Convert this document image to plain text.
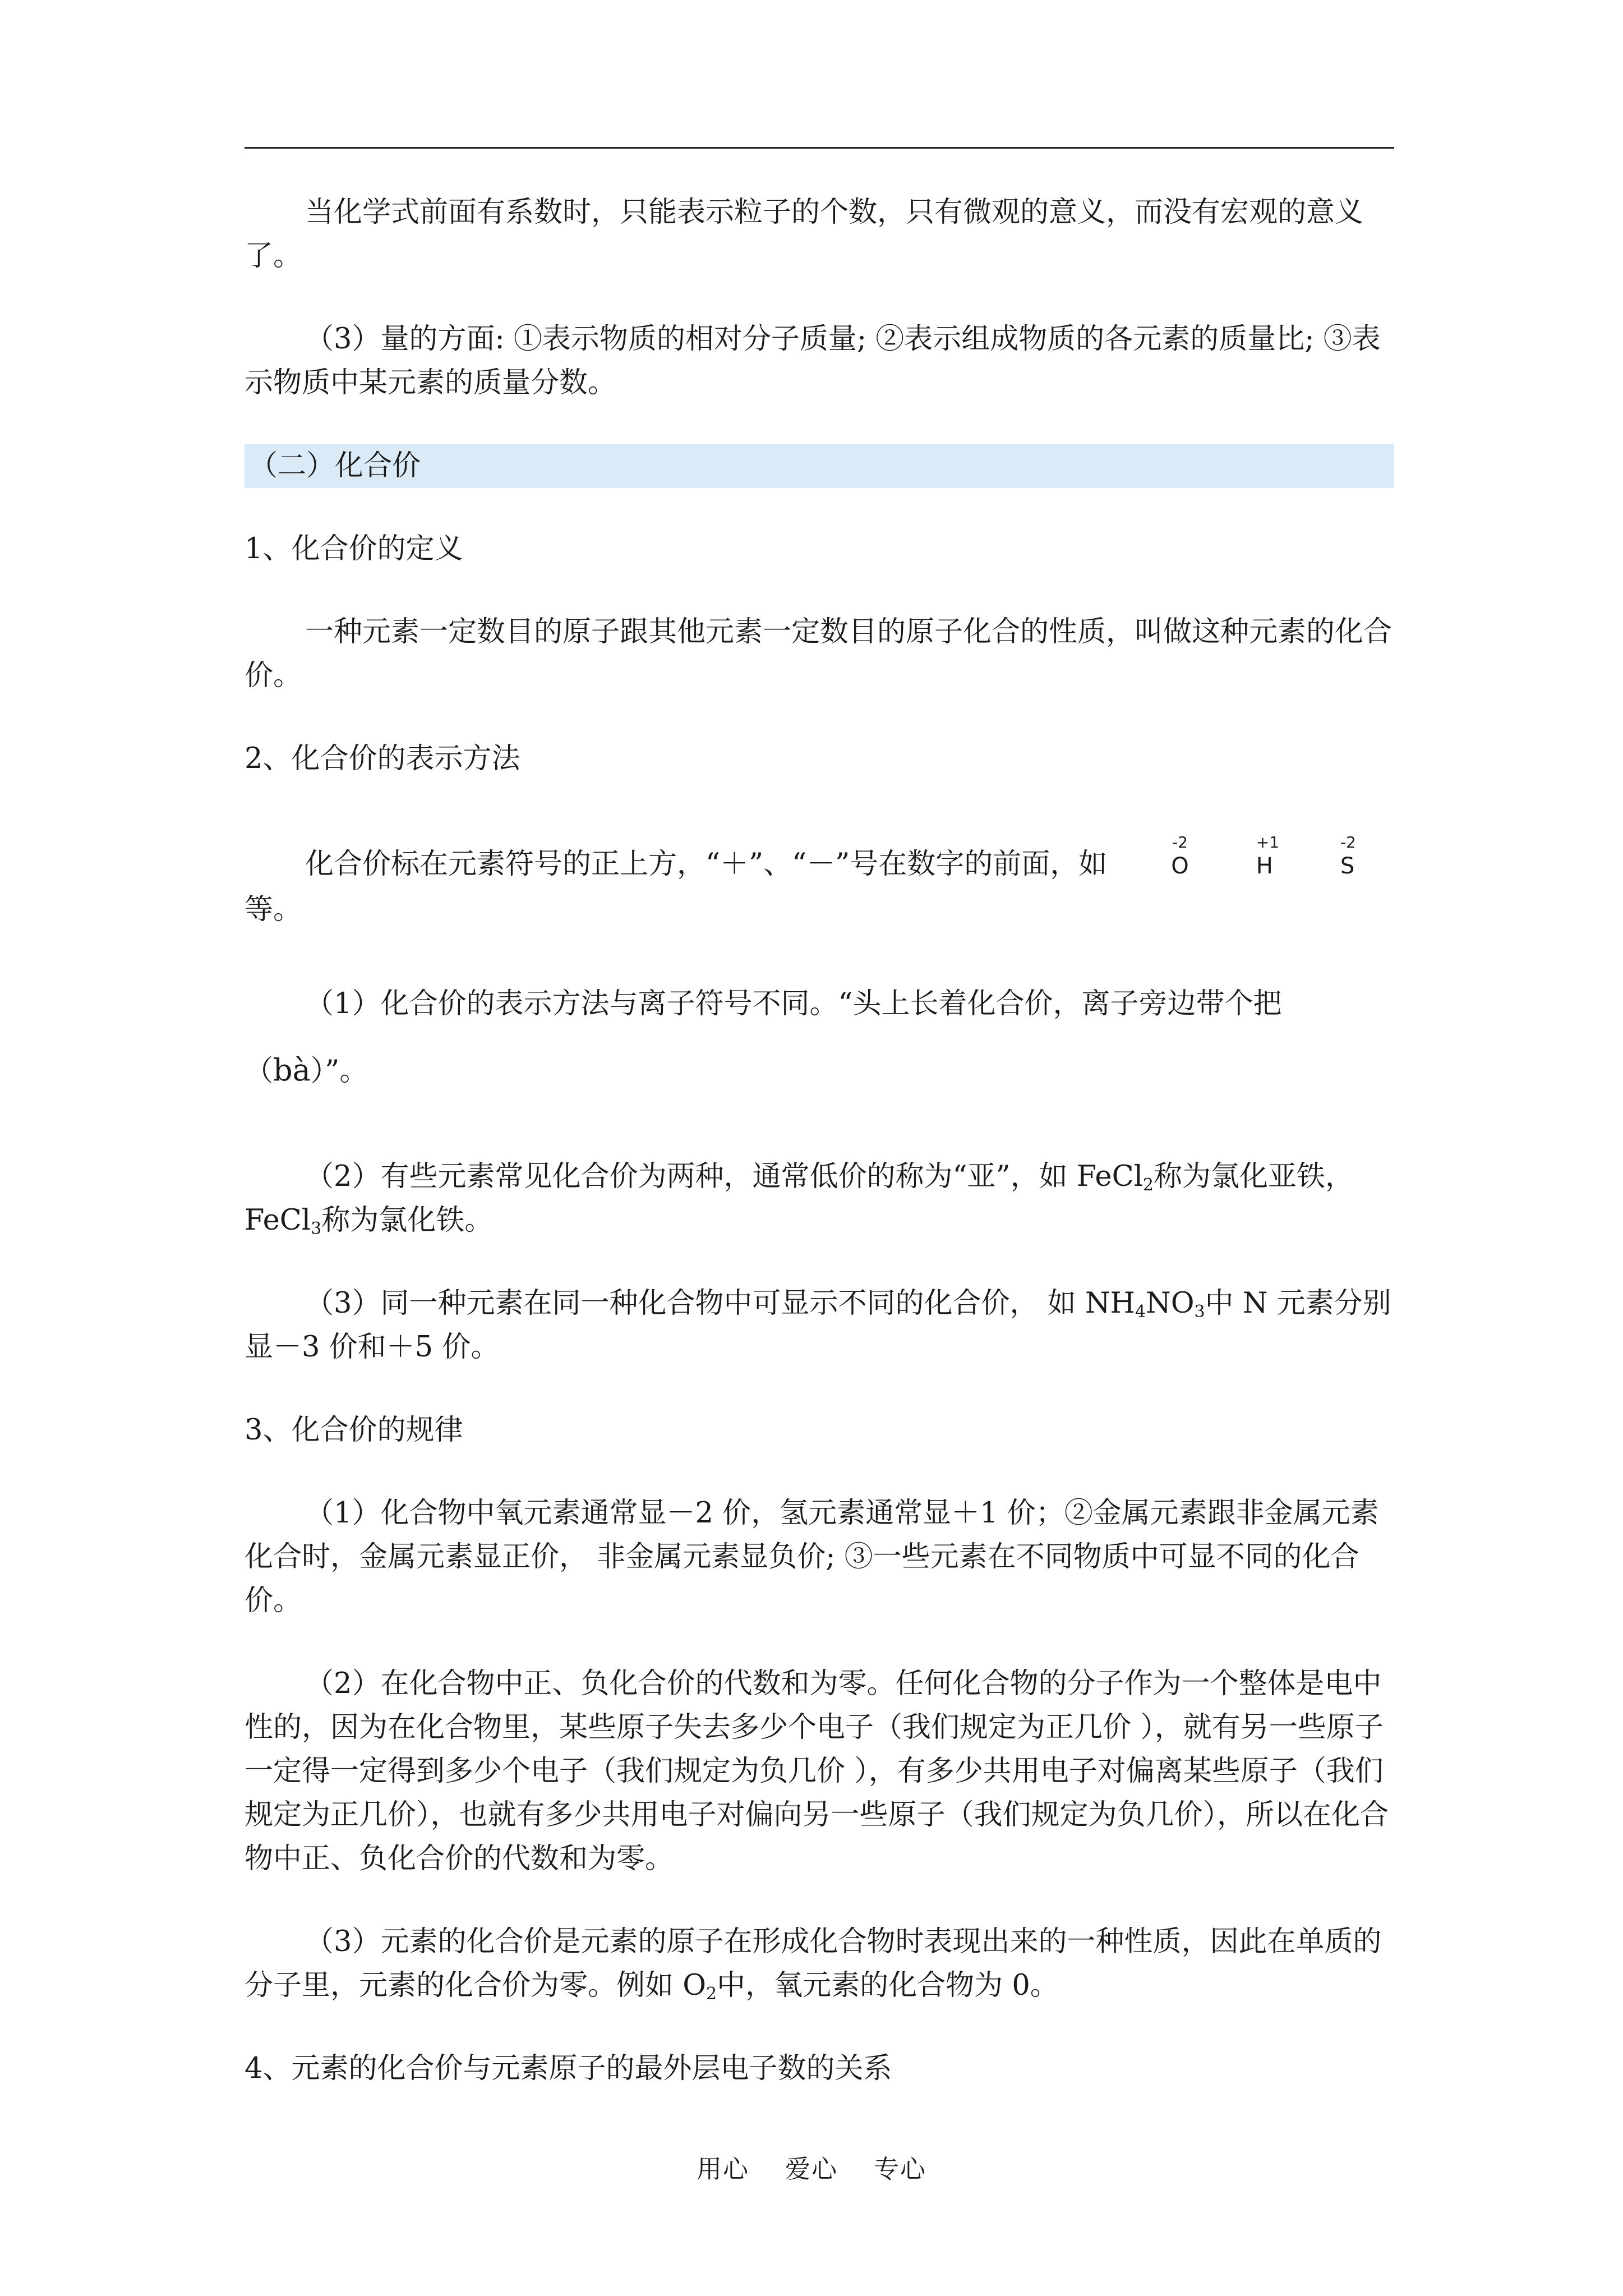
当化学式前面有系数时，只能表示粒子的个数，只有微观的意义，而没有宏观的意义了。

（3）量的方面: ①表示物质的相对分子质量; ②表示组成物质的各元素的质量比; ③表示物质中某元素的质量分数。

（二）化合价

1、化合价的定义

一种元素一定数目的原子跟其他元素一定数目的原子化合的性质，叫做这种元素的化合价。

2、化合价的表示方法

化合价标在元素符号的正上方，“＋”、“－”号在数字的前面，如
-2
O
+1
H
-2
S等。

（1）化合价的表示方法与离子符号不同。“头上长着化合价，离子旁边带个把

（bà）”。

（2）有些元素常见化合价为两种，通常低价的称为“亚”，如 FeCl$_2$称为氯化亚铁，FeCl$_3$称为氯化铁。

（3）同一种元素在同一种化合物中可显示不同的化合价， 如 $NH_4NO_3$中 N 元素分别显－3 价和＋5 价。

3、化合价的规律

（1）化合物中氧元素通常显－2 价，氢元素通常显＋1 价；②金属元素跟非金属元素化合时，金属元素显正价， 非金属元素显负价; ③一些元素在不同物质中可显不同的化合价。

（2）在化合物中正、负化合价的代数和为零。任何化合物的分子作为一个整体是电中性的，因为在化合物里，某些原子失去多少个电子（我们规定为正几价 ），就有另一些原子一定得一定得到多少个电子（我们规定为负几价 ），有多少共用电子对偏离某些原子（我们规定为正几价），也就有多少共用电子对偏向另一些原子（我们规定为负几价），所以在化合物中正、负化合价的代数和为零。

（3）元素的化合价是元素的原子在形成化合物时表现出来的一种性质，因此在单质的分子里，元素的化合价为零。例如 $O_2$中，氧元素的化合物为 0。

4、元素的化合价与元素原子的最外层电子数的关系

用心 爱心 专心
